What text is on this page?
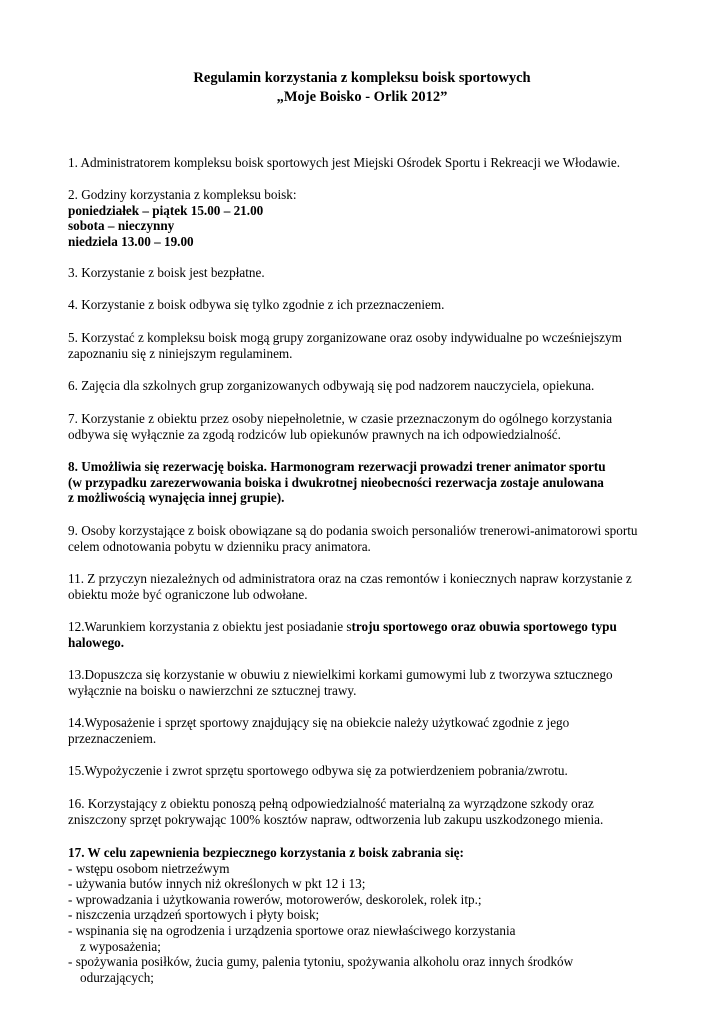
Regulamin korzystania z kompleksu boisk sportowych
„Moje Boisko - Orlik 2012”

1. Administratorem kompleksu boisk sportowych jest Miejski Ośrodek Sportu i Rekreacji we Włodawie.

2. Godziny korzystania z kompleksu boisk:
poniedziałek – piątek 15.00 – 21.00
sobota – nieczynny
niedziela 13.00 – 19.00

3. Korzystanie z boisk jest bezpłatne.

4. Korzystanie z boisk odbywa się tylko zgodnie z ich przeznaczeniem.

5. Korzystać z kompleksu boisk mogą grupy zorganizowane oraz osoby indywidualne po wcześniejszym
zapoznaniu się z niniejszym regulaminem.

6. Zajęcia dla szkolnych grup zorganizowanych odbywają się pod nadzorem nauczyciela, opiekuna.

7. Korzystanie z obiektu przez osoby niepełnoletnie, w czasie przeznaczonym do ogólnego korzystania
odbywa się wyłącznie za zgodą rodziców lub opiekunów prawnych na ich odpowiedzialność.
8. Umożliwia się rezerwację boiska. Harmonogram rezerwacji prowadzi trener animator sportu
(w przypadku zarezerwowania boiska i dwukrotnej nieobecności rezerwacja zostaje anulowana
z możliwością wynajęcia innej grupie).
9. Osoby korzystające z boisk obowiązane są do podania swoich personaliów trenerowi-animatorowi sportu
celem odnotowania pobytu w dzienniku pracy animatora.
11. Z przyczyn niezależnych od administratora oraz na czas remontów i koniecznych napraw korzystanie z
obiektu może być ograniczone lub odwołane.
12.Warunkiem korzystania z obiektu jest posiadanie stroju sportowego oraz obuwia sportowego typu
halowego.
13.Dopuszcza się korzystanie w obuwiu z niewielkimi korkami gumowymi lub z tworzywa sztucznego
wyłącznie na boisku o nawierzchni ze sztucznej trawy.
14.Wyposażenie i sprzęt sportowy znajdujący się na obiekcie należy użytkować zgodnie z jego
przeznaczeniem.

15.Wypożyczenie i zwrot sprzętu sportowego odbywa się za potwierdzeniem pobrania/zwrotu.

16. Korzystający z obiektu ponoszą pełną odpowiedzialność materialną za wyrządzone szkody oraz
zniszczony sprzęt pokrywając 100% kosztów napraw, odtworzenia lub zakupu uszkodzonego mienia.
17. W celu zapewnienia bezpiecznego korzystania z boisk zabrania się:
- wstępu osobom nietrzeźwym
- używania butów innych niż określonych w pkt 12 i 13;
- wprowadzania i użytkowania rowerów, motorowerów, deskorolek, rolek itp.;
- niszczenia urządzeń sportowych i płyty boisk;
- wspinania się na ogrodzenia i urządzenia sportowe oraz niewłaściwego korzystania
z wyposażenia;
- spożywania posiłków, żucia gumy, palenia tytoniu, spożywania alkoholu oraz innych środków
odurzających;
